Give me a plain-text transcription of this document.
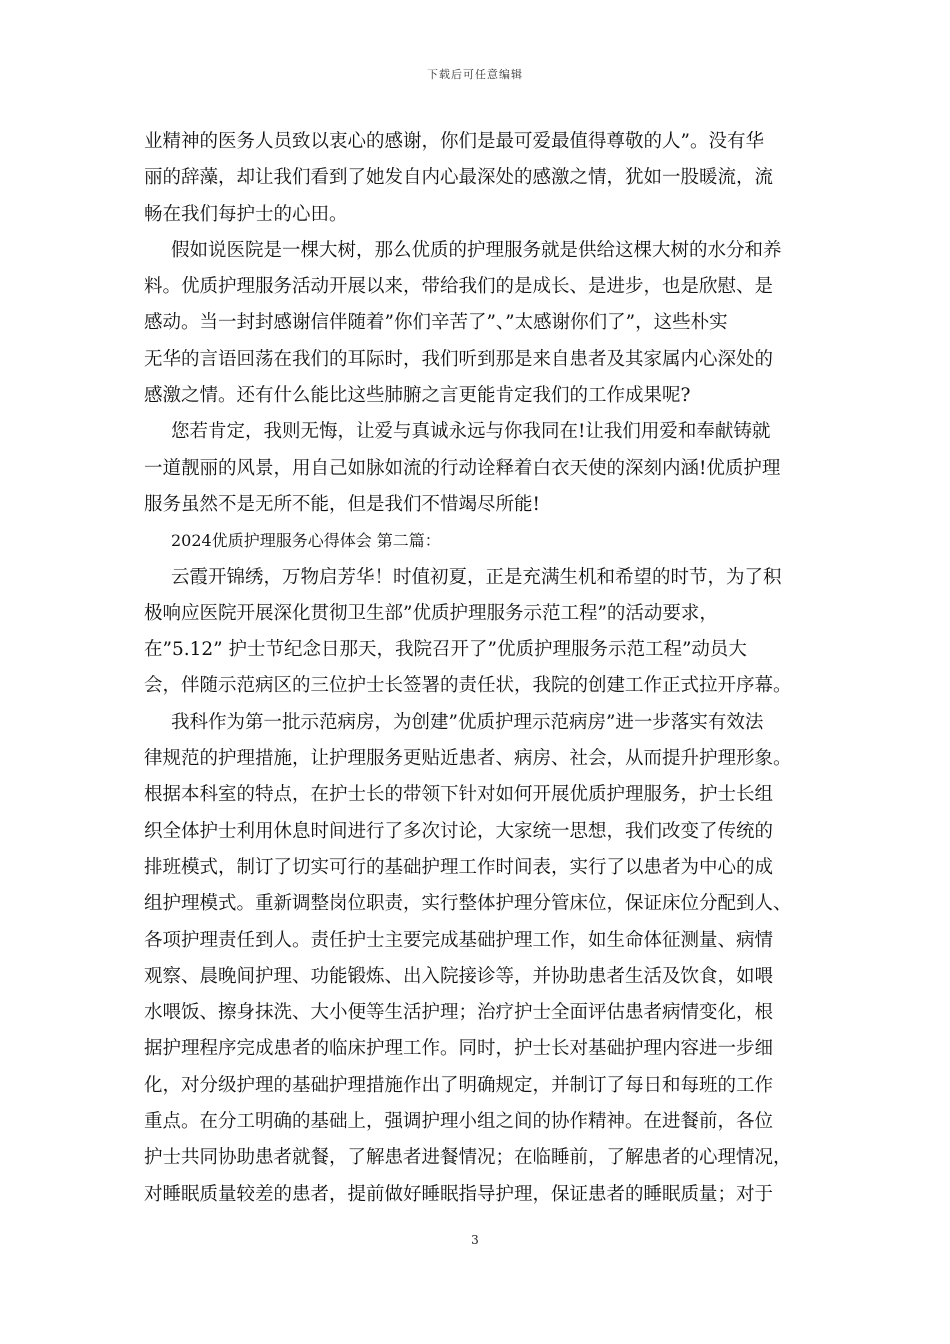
下载后可任意编辑
业精神的医务人员致以衷心的感谢，你们是最可爱最值得尊敬的人”。没有华
丽的辞藻，却让我们看到了她发自内心最深处的感激之情，犹如一股暖流，流
畅在我们每护士的心田。
假如说医院是一棵大树，那么优质的护理服务就是供给这棵大树的水分和养
料。优质护理服务活动开展以来，带给我们的是成长、是进步，也是欣慰、是
感动。当一封封感谢信伴随着”你们辛苦了”、”太感谢你们了”，这些朴实
无华的言语回荡在我们的耳际时，我们听到那是来自患者及其家属内心深处的
感激之情。还有什么能比这些肺腑之言更能肯定我们的工作成果呢?
您若肯定，我则无悔，让爱与真诚永远与你我同在!让我们用爱和奉献铸就
一道靓丽的风景，用自己如脉如流的行动诠释着白衣天使的深刻内涵!优质护理
服务虽然不是无所不能，但是我们不惜竭尽所能!
2024优质护理服务心得体会 第二篇：
云霞开锦绣，万物启芳华！时值初夏，正是充满生机和希望的时节，为了积
极响应医院开展深化贯彻卫生部”优质护理服务示范工程”的活动要求，
在”5.12” 护士节纪念日那天，我院召开了”优质护理服务示范工程”动员大
会，伴随示范病区的三位护士长签署的责任状，我院的创建工作正式拉开序幕。
我科作为第一批示范病房，为创建”优质护理示范病房”进一步落实有效法
律规范的护理措施，让护理服务更贴近患者、病房、社会，从而提升护理形象。
根据本科室的特点，在护士长的带领下针对如何开展优质护理服务，护士长组
织全体护士利用休息时间进行了多次讨论，大家统一思想，我们改变了传统的
排班模式，制订了切实可行的基础护理工作时间表，实行了以患者为中心的成
组护理模式。重新调整岗位职责，实行整体护理分管床位，保证床位分配到人、
各项护理责任到人。责任护士主要完成基础护理工作，如生命体征测量、病情
观察、晨晚间护理、功能锻炼、出入院接诊等，并协助患者生活及饮食，如喂
水喂饭、擦身抹洗、大小便等生活护理；治疗护士全面评估患者病情变化，根
据护理程序完成患者的临床护理工作。同时，护士长对基础护理内容进一步细
化，对分级护理的基础护理措施作出了明确规定，并制订了每日和每班的工作
重点。在分工明确的基础上，强调护理小组之间的协作精神。在进餐前，各位
护士共同协助患者就餐，了解患者进餐情况；在临睡前，了解患者的心理情况，
对睡眠质量较差的患者，提前做好睡眠指导护理，保证患者的睡眠质量；对于
3
